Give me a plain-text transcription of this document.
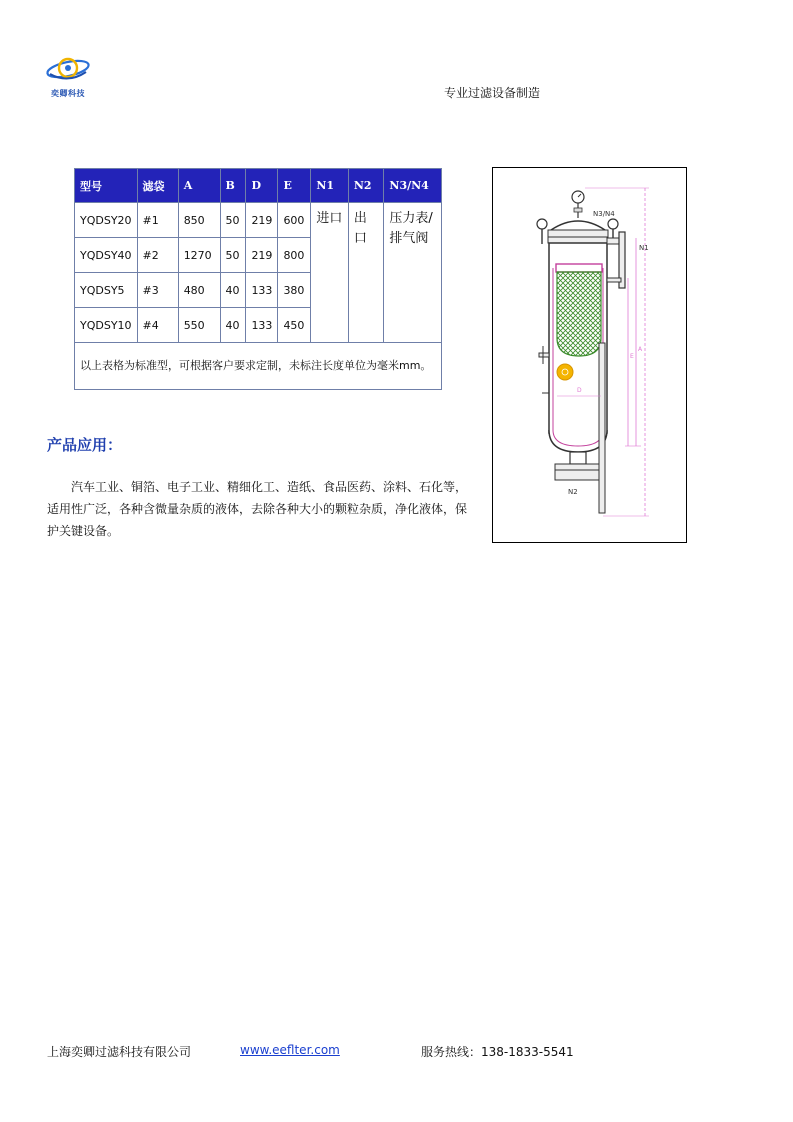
奕卿科技	专业过滤设备制造
型号	滤袋	A	B	D	E	N1	N2	N3/N4
YQDSY20	#1	850	50	219	600	进口	出口	压力表/排气阀
YQDSY40	#2	1270	50	219	800			
YQDSY5	#3	480	40	133	380			
YQDSY10	#4	550	40	133	450			
以上表格为标准型，可根据客户要求定制，未标注长度单位为毫米mm。								
产品应用：
汽车工业、铜箔、电子工业、精细化工、造纸、食品医药、涂料、石化等，适用性广泛，各种含微量杂质的液体，去除各种大小的颗粒杂质，净化液体，保护关键设备。
N3/N4
N1
N2
A
E
D
上海奕卿过滤科技有限公司	www.eeflter.com	服务热线：138-1833-5541
